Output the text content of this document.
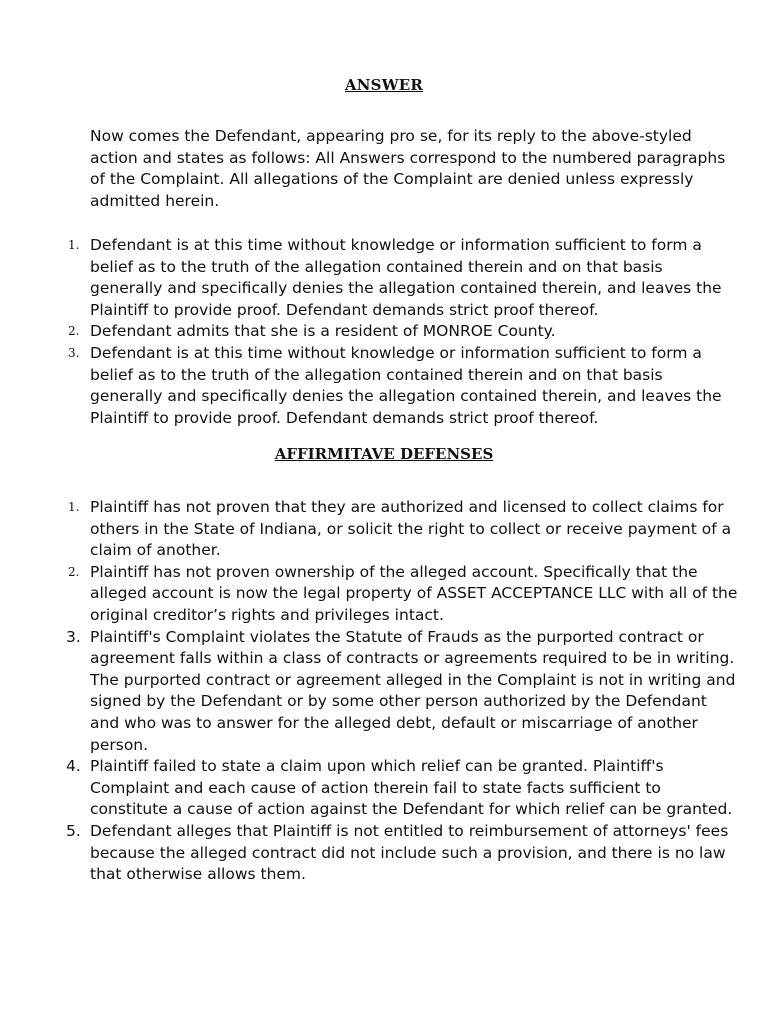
ANSWER

Now comes the Defendant, appearing pro se, for its reply to the above-styled action and states as follows: All Answers correspond to the numbered paragraphs of the Complaint. All allegations of the Complaint are denied unless expressly admitted herein.

1. Defendant is at this time without knowledge or information sufficient to form a belief as to the truth of the allegation contained therein and on that basis generally and specifically denies the allegation contained therein, and leaves the Plaintiff to provide proof. Defendant demands strict proof thereof.
2. Defendant admits that she is a resident of MONROE County.
3. Defendant is at this time without knowledge or information sufficient to form a belief as to the truth of the allegation contained therein and on that basis generally and specifically denies the allegation contained therein, and leaves the Plaintiff to provide proof. Defendant demands strict proof thereof.
AFFIRMITAVE DEFENSES
1. Plaintiff has not proven that they are authorized and licensed to collect claims for others in the State of Indiana, or solicit the right to collect or receive payment of a claim of another.
2. Plaintiff has not proven ownership of the alleged account. Specifically that the alleged account is now the legal property of ASSET ACCEPTANCE LLC with all of the original creditor’s rights and privileges intact.
3. Plaintiff's Complaint violates the Statute of Frauds as the purported contract or agreement falls within a class of contracts or agreements required to be in writing. The purported contract or agreement alleged in the Complaint is not in writing and signed by the Defendant or by some other person authorized by the Defendant and who was to answer for the alleged debt, default or miscarriage of another person.
4. Plaintiff failed to state a claim upon which relief can be granted. Plaintiff's Complaint and each cause of action therein fail to state facts sufficient to constitute a cause of action against the Defendant for which relief can be granted.
5. Defendant alleges that Plaintiff is not entitled to reimbursement of attorneys' fees because the alleged contract did not include such a provision, and there is no law that otherwise allows them.
